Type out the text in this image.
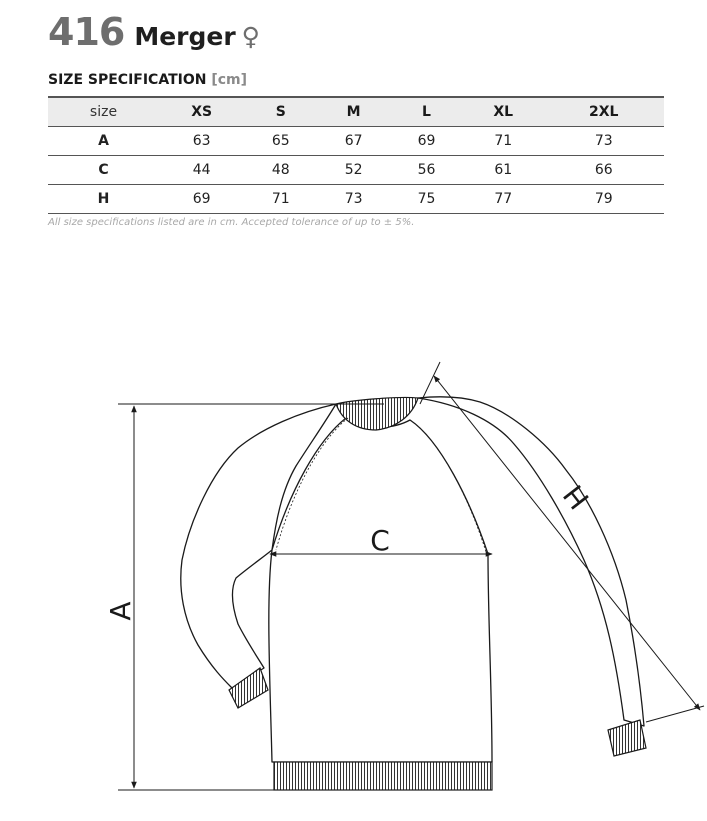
416 Merger ♀
SIZE SPECIFICATION [cm]
size	XS	S	M	L	XL	2XL
A	63	65	67	69	71	73
C	44	48	52	56	61	66
H	69	71	73	75	77	79
All size specifications listed are in cm. Accepted tolerance of up to ± 5%.
A
C
H
